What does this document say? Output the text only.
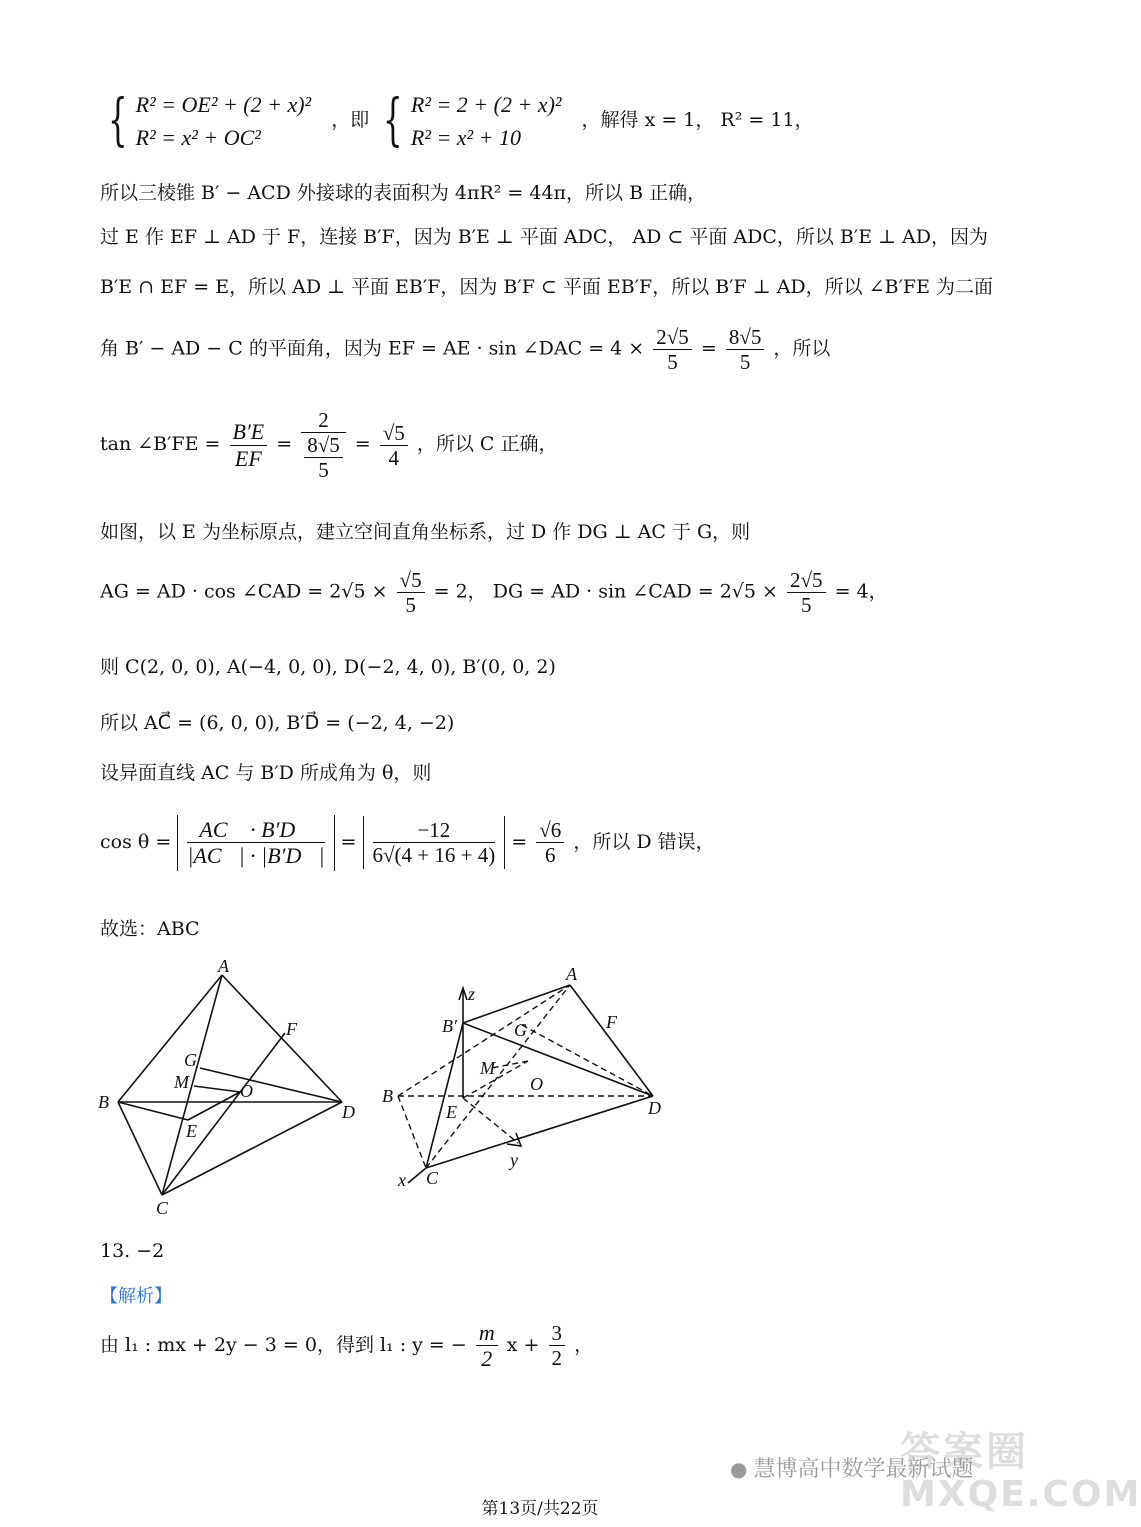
{ R² = OE² + (2 + x)²
R² = x² + OC²
，即 { R² = 2 + (2 + x)²
R² = x² + 10
，解得 x = 1， R² = 11，
所以三棱锥 B′ − ACD 外接球的表面积为 4πR² = 44π，所以 B 正确，
过 E 作 EF ⊥ AD 于 F，连接 B′F，因为 B′E ⊥ 平面 ADC， AD ⊂ 平面 ADC，所以 B′E ⊥ AD，因为
B′E ∩ EF = E，所以 AD ⊥ 平面 EB′F，因为 B′F ⊂ 平面 EB′F，所以 B′F ⊥ AD，所以 ∠B′FE 为二面
角 B′ − AD − C 的平面角，因为 EF = AE · sin ∠DAC = $4 \times \frac{2√5}{5} = \frac{8√5}{5}$ ，所以
tan ∠B′FE = $\frac{B'E}{EF} = \frac{2}{\frac{8√5}{5}} = \frac{√5}{4}$ ，所以 C 正确，
如图，以 E 为坐标原点，建立空间直角坐标系，过 D 作 DG ⊥ AC 于 G，则
AG = AD · cos ∠CAD = $2√5 \times \frac{√5}{5} = 2$， DG = AD · sin ∠CAD = $2√5 \times \frac{2√5}{5} = 4$，
则 C(2, 0, 0), A(−4, 0, 0), D(−2, 4, 0), B′(0, 0, 2)
所以 AC⃗ = (6, 0, 0), B′D⃗ = (−2, 4, −2)
设异面直线 AC 与 B′D 所成角为 θ，则
$\cos \theta = \frac{AC⃗ \cdot B'D⃗}{|AC⃗| \cdot |B'D⃗|} = \frac{-12}{6√(4 + 16 + 4)} = \frac{√6}{6}$ ，所以 D 错误，
故选：ABC
A
B
C
D
E
F
G
M	O
z
A
B′
B
C
x
D
E
F
G
M
O
y
13. −2
【解析】
由 l₁ : mx + 2y − 3 = 0，得到 l₁ : y = − $\frac{m}{2}$ $x + \frac{3}{2}$ ，
答案圈
MXQE.COM
● 慧博高中数学最新试题
第13页/共22页
